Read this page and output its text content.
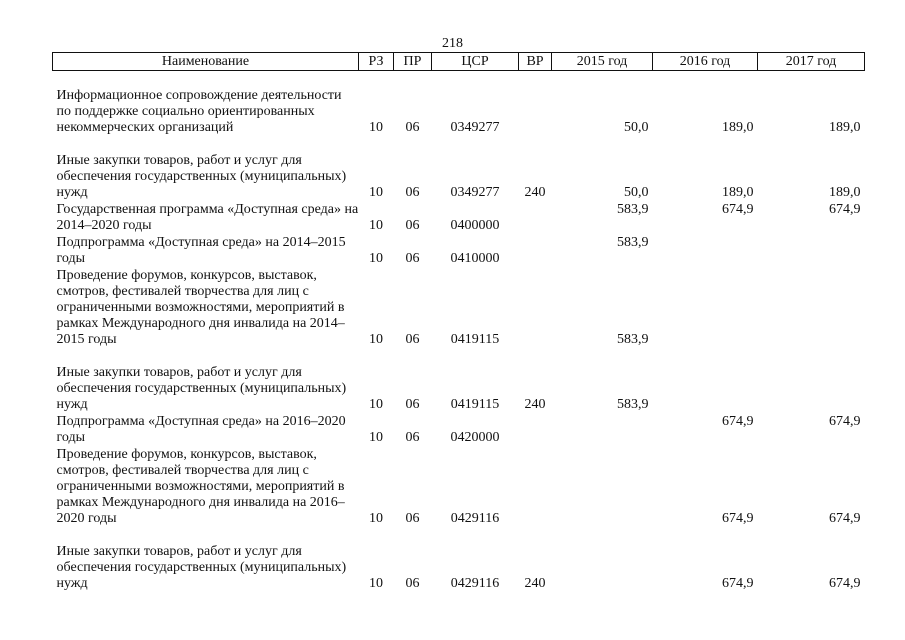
218
Наименование	РЗ	ПР	ЦСР	ВР	2015 год	2016 год	2017 год
Информационное сопровождение деятельности по поддержке социально ориентированных некоммерческих организаций	10	06	0349277		50,0	189,0	189,0
Иные закупки товаров, работ и услуг для обеспечения государственных (муниципальных) нужд	10	06	0349277	240	50,0	189,0	189,0
Государственная программа «Доступная среда» на 2014–2020 годы	10	06	0400000		583,9	674,9	674,9
Подпрограмма «Доступная среда» на 2014–2015 годы	10	06	0410000		583,9		
Проведение форумов, конкурсов, выставок, смотров, фестивалей творчества для лиц с ограниченными возможностями, мероприятий в рамках Международного дня инвалида на 2014–2015 годы	10	06	0419115		583,9		
Иные закупки товаров, работ и услуг для обеспечения государственных (муниципальных) нужд	10	06	0419115	240	583,9		
Подпрограмма «Доступная среда» на 2016–2020 годы	10	06	0420000			674,9	674,9
Проведение форумов, конкурсов, выставок, смотров, фестивалей творчества для лиц с ограниченными возможностями, мероприятий в рамках Международного дня инвалида на 2016–2020 годы	10	06	0429116			674,9	674,9
Иные закупки товаров, работ и услуг для обеспечения государственных (муниципальных) нужд	10	06	0429116	240		674,9	674,9
